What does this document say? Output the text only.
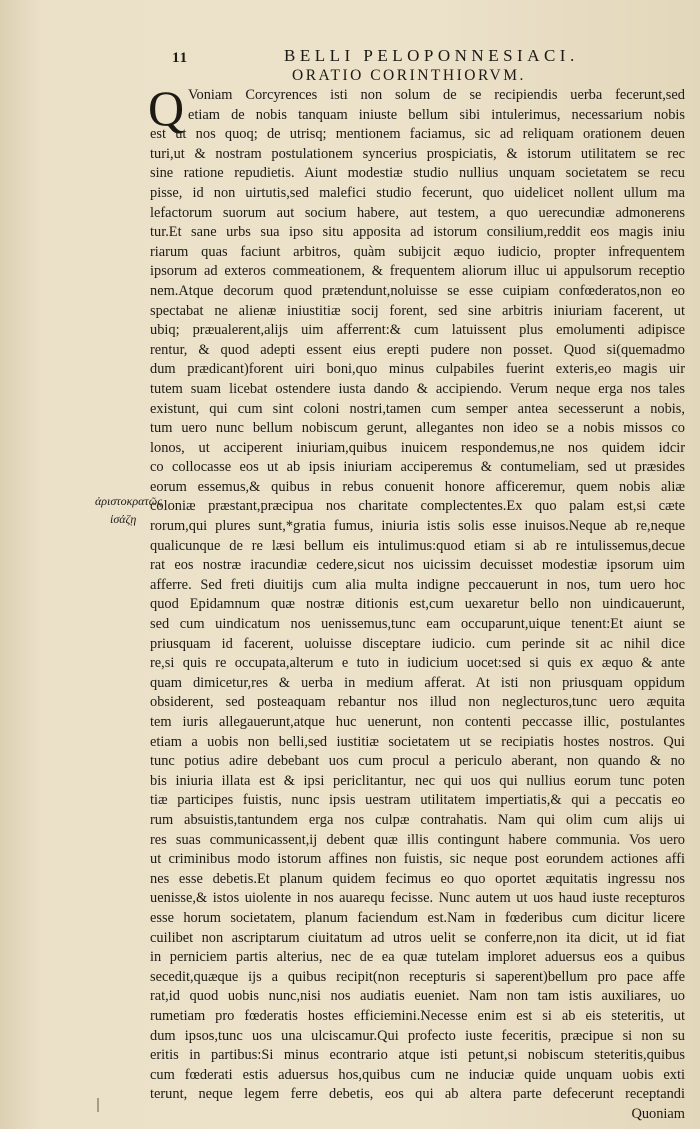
11	BELLI PELOPONNESIACI.
ORATIO CORINTHIORVM.
Q
ἀριστοκρατῶς
ἰσάζῃ
Voniam Corcyrences isti non solum de se recipiendis uerba fecerunt,sed
etiam de nobis tanquam iniuste bellum sibi intulerimus, necessarium nobis
est ut nos quoq; de utrisq; mentionem faciamus, sic ad reliquam orationem deuen
turi,ut & nostram postulationem syncerius prospiciatis, & istorum utilitatem se rec
sine ratione repudietis. Aiunt modestiæ studio nullius unquam societatem se recu
pisse, id non uirtutis,sed malefici studio fecerunt, quo uidelicet nollent ullum ma
lefactorum suorum aut socium habere, aut testem, a quo uerecundiæ admonerens
tur.Et sane urbs sua ipso situ apposita ad istorum consilium,reddit eos magis iniu
riarum quas faciunt arbitros, quàm subijcit æquo iudicio, propter infrequentem
ipsorum ad exteros commeationem, & frequentem aliorum illuc ui appulsorum receptio
nem.Atque decorum quod prætendunt,noluisse se esse cuipiam confœderatos,non eo
spectabat ne alienæ iniustitiæ socij forent, sed sine arbitris iniuriam facerent, ut
ubiq; præualerent,alijs uim afferrent:& cum latuissent plus emolumenti adipisce
rentur, & quod adepti essent eius erepti pudere non posset. Quod si(quemadmo
dum prædicant)forent uiri boni,quo minus culpabiles fuerint exteris,eo magis uir
tutem suam licebat ostendere iusta dando & accipiendo. Verum neque erga nos tales
existunt, qui cum sint coloni nostri,tamen cum semper antea secesserunt a nobis,
tum uero nunc bellum nobiscum gerunt, allegantes non ideo se a nobis missos co
lonos, ut acciperent iniuriam,quibus inuicem respondemus,ne nos quidem idcir
co collocasse eos ut ab ipsis iniuriam acciperemus & contumeliam, sed ut præsides
eorum essemus,& quibus in rebus conuenit honore afficeremur, quem nobis aliæ
coloniæ præstant,præcipua nos charitate complectentes.Ex quo palam est,si cæte
rorum,qui plures sunt,*gratia fumus, iniuria istis solis esse inuisos.Neque ab re,neque
qualicunque de re læsi bellum eis intulimus:quod etiam si ab re intulissemus,decue
rat eos nostræ iracundiæ cedere,sicut nos uicissim decuisset modestiæ ipsorum uim
afferre. Sed freti diuitijs cum alia multa indigne peccauerunt in nos, tum uero hoc
quod Epidamnum quæ nostræ ditionis est,cum uexaretur bello non uindicauerunt,
sed cum uindicatum nos uenissemus,tunc eam occuparunt,uique tenent:Et aiunt se
priusquam id facerent, uoluisse disceptare iudicio. cum perinde sit ac nihil dice
re,si quis re occupata,alterum e tuto in iudicium uocet:sed si quis ex æquo & ante
quam dimicetur,res & uerba in medium afferat. At isti non priusquam oppidum
obsiderent, sed posteaquam rebantur nos illud non neglecturos,tunc uero æquita
tem iuris allegauerunt,atque huc uenerunt, non contenti peccasse illic, postulantes
etiam a uobis non belli,sed iustitiæ societatem ut se recipiatis hostes nostros. Qui
tunc potius adire debebant uos cum procul a periculo aberant, non quando & no
bis iniuria illata est & ipsi periclitantur, nec qui uos qui nullius eorum tunc poten
tiæ participes fuistis, nunc ipsis uestram utilitatem impertiatis,& qui a peccatis eo
rum absuistis,tantundem erga nos culpæ contrahatis. Nam qui olim cum alijs ui
res suas communicassent,ij debent quæ illis contingunt habere communia. Vos uero
ut criminibus modo istorum affines non fuistis, sic neque post eorundem actiones affi
nes esse debetis.Et planum quidem fecimus eo quo oportet æquitatis ingressu nos
uenisse,& istos uiolente in nos auarequ fecisse. Nunc autem ut uos haud iuste recepturos
esse horum societatem, planum faciendum est.Nam in fœderibus cum dicitur licere
cuilibet non ascriptarum ciuitatum ad utros uelit se conferre,non ita dicit, ut id fiat
in perniciem partis alterius, nec de ea quæ tutelam imploret aduersus eos a quibus
secedit,quæque ijs a quibus recipit(non recepturis si saperent)bellum pro pace affe
rat,id quod uobis nunc,nisi nos audiatis eueniet. Nam non tam istis auxiliares, uo
rumetiam pro fœderatis hostes efficiemini.Necesse enim est si ab eis steteritis, ut
dum ipsos,tunc uos una ulciscamur.Qui profecto iuste feceritis, præcipue si non su
eritis in partibus:Si minus econtrario atque isti petunt,si nobiscum steteritis,quibus
cum fœderati estis aduersus hos,quibus cum ne induciæ quide unquam uobis exti
terunt, neque legem ferre debetis, eos qui ab altera parte defecerunt receptandi
Quoniam
